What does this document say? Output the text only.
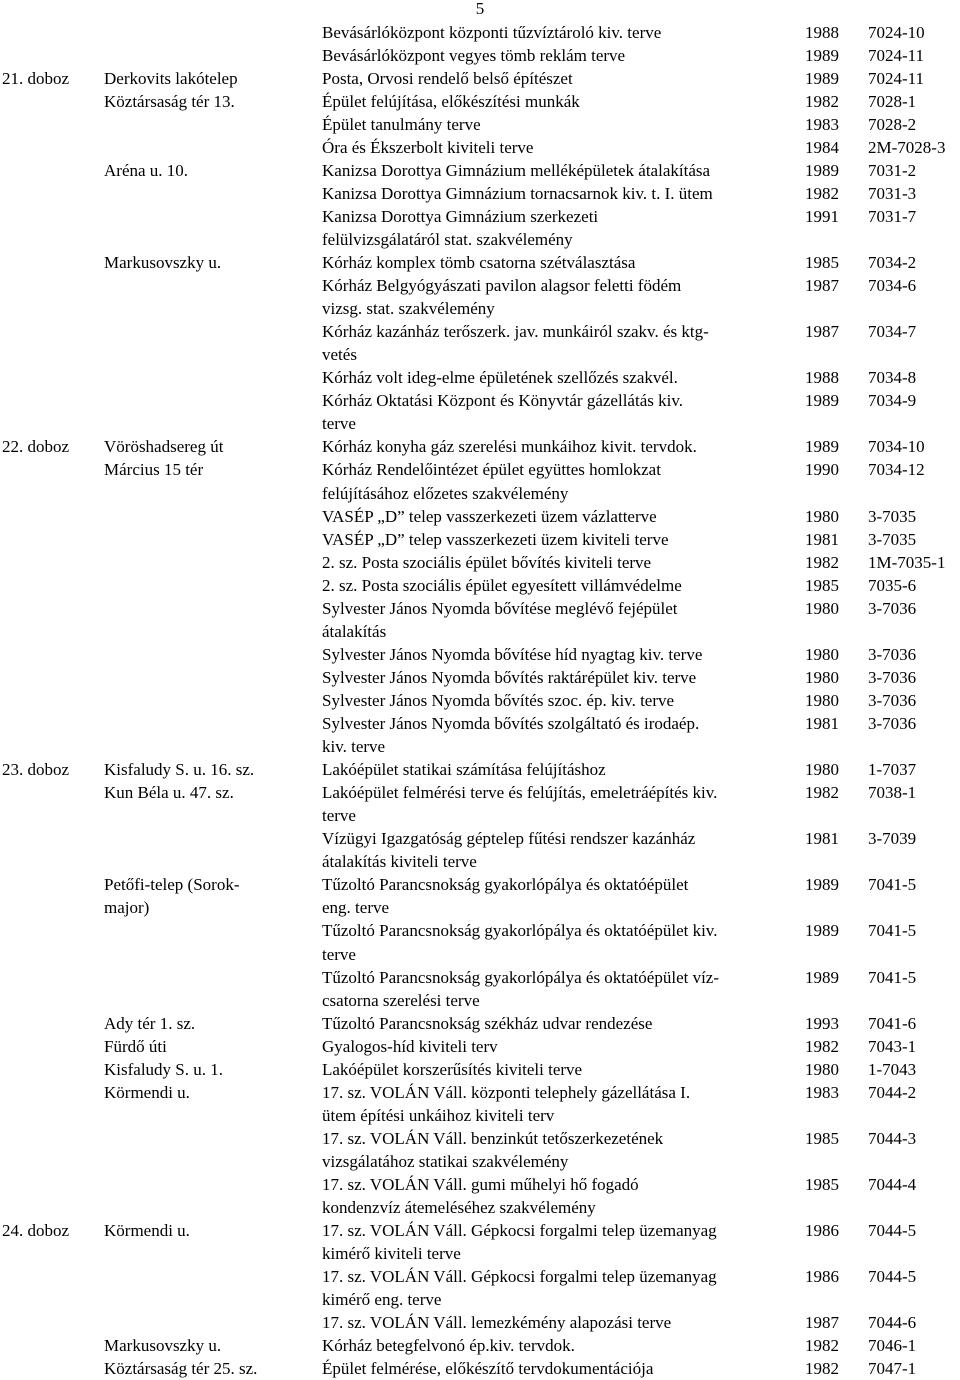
5
Bevásárlóközpont központi tűzvíztároló kiv. terve	1988 7024-10
Bevásárlóközpont vegyes tömb reklám terve	1989 7024-11
21. doboz Derkovits lakótelep	Posta, Orvosi rendelő belső építészet	1989 7024-11
Köztársaság tér 13.	Épület felújítása, előkészítési munkák	1982 7028-1
Épület tanulmány terve	1983 7028-2
Óra és Ékszerbolt kiviteli terve	1984 2M-7028-3
Aréna u. 10.	Kanizsa Dorottya Gimnázium melléképületek átalakítása	1989 7031-2
Kanizsa Dorottya Gimnázium tornacsarnok kiv. t. I. ütem	1982 7031-3
Kanizsa Dorottya Gimnázium szerkezeti	1991 7031-7
felülvizsgálatáról stat. szakvélemény
Markusovszky u.	Kórház komplex tömb csatorna szétválasztása	1985 7034-2
Kórház Belgyógyászati pavilon alagsor feletti födém	1987 7034-6
vizsg. stat. szakvélemény
Kórház kazánház terőszerk. jav. munkáiról szakv. és ktg-	1987 7034-7
vetés
Kórház volt ideg-elme épületének szellőzés szakvél.	1988 7034-8
Kórház Oktatási Központ és Könyvtár gázellátás kiv.	1989 7034-9
terve
22. doboz Vöröshadsereg út	Kórház konyha gáz szerelési munkáihoz kivit. tervdok.	1989 7034-10
Március 15 tér	Kórház Rendelőintézet épület együttes homlokzat	1990 7034-12
felújításához előzetes szakvélemény
VASÉP „D” telep vasszerkezeti üzem vázlatterve	1980 3-7035
VASÉP „D” telep vasszerkezeti üzem kiviteli terve	1981 3-7035
2. sz. Posta szociális épület bővítés kiviteli terve	1982 1M-7035-1
2. sz. Posta szociális épület egyesített villámvédelme	1985 7035-6
Sylvester János Nyomda bővítése meglévő fejépület	1980 3-7036
átalakítás
Sylvester János Nyomda bővítése híd nyagtag kiv. terve	1980 3-7036
Sylvester János Nyomda bővítés raktárépület kiv. terve	1980 3-7036
Sylvester János Nyomda bővítés szoc. ép. kiv. terve	1980 3-7036
Sylvester János Nyomda bővítés szolgáltató és irodaép.	1981 3-7036
kiv. terve
23. doboz Kisfaludy S. u. 16. sz.	Lakóépület statikai számítása felújításhoz	1980 1-7037
Kun Béla u. 47. sz.	Lakóépület felmérési terve és felújítás, emeletráépítés kiv.	1982 7038-1
terve
Vízügyi Igazgatóság géptelep fűtési rendszer kazánház	1981 3-7039
átalakítás kiviteli terve
Petőfi-telep (Sorok-	Tűzoltó Parancsnokság gyakorlópálya és oktatóépület	1989 7041-5
major)	eng. terve
Tűzoltó Parancsnokság gyakorlópálya és oktatóépület kiv.	1989 7041-5
terve
Tűzoltó Parancsnokság gyakorlópálya és oktatóépület víz-	1989 7041-5
csatorna szerelési terve
Ady tér 1. sz.	Tűzoltó Parancsnokság székház udvar rendezése	1993 7041-6
Fürdő úti	Gyalogos-híd kiviteli terv	1982 7043-1
Kisfaludy S. u. 1.	Lakóépület korszerűsítés kiviteli terve	1980 1-7043
Körmendi u.	17. sz. VOLÁN Váll. központi telephely gázellátása I.	1983 7044-2
ütem építési unkáihoz kiviteli terv
17. sz. VOLÁN Váll. benzinkút tetőszerkezetének	1985 7044-3
vizsgálatához statikai szakvélemény
17. sz. VOLÁN Váll. gumi műhelyi hő fogadó	1985 7044-4
kondenzvíz átemeléséhez szakvélemény
24. doboz Körmendi u.	17. sz. VOLÁN Váll. Gépkocsi forgalmi telep üzemanyag	1986 7044-5
kimérő kiviteli terve
17. sz. VOLÁN Váll. Gépkocsi forgalmi telep üzemanyag	1986 7044-5
kimérő eng. terve
17. sz. VOLÁN Váll. lemezkémény alapozási terve	1987 7044-6
Markusovszky u.	Kórház betegfelvonó ép.kiv. tervdok.	1982 7046-1
Köztársaság tér 25. sz.	Épület felmérése, előkészítő tervdokumentációja	1982 7047-1
